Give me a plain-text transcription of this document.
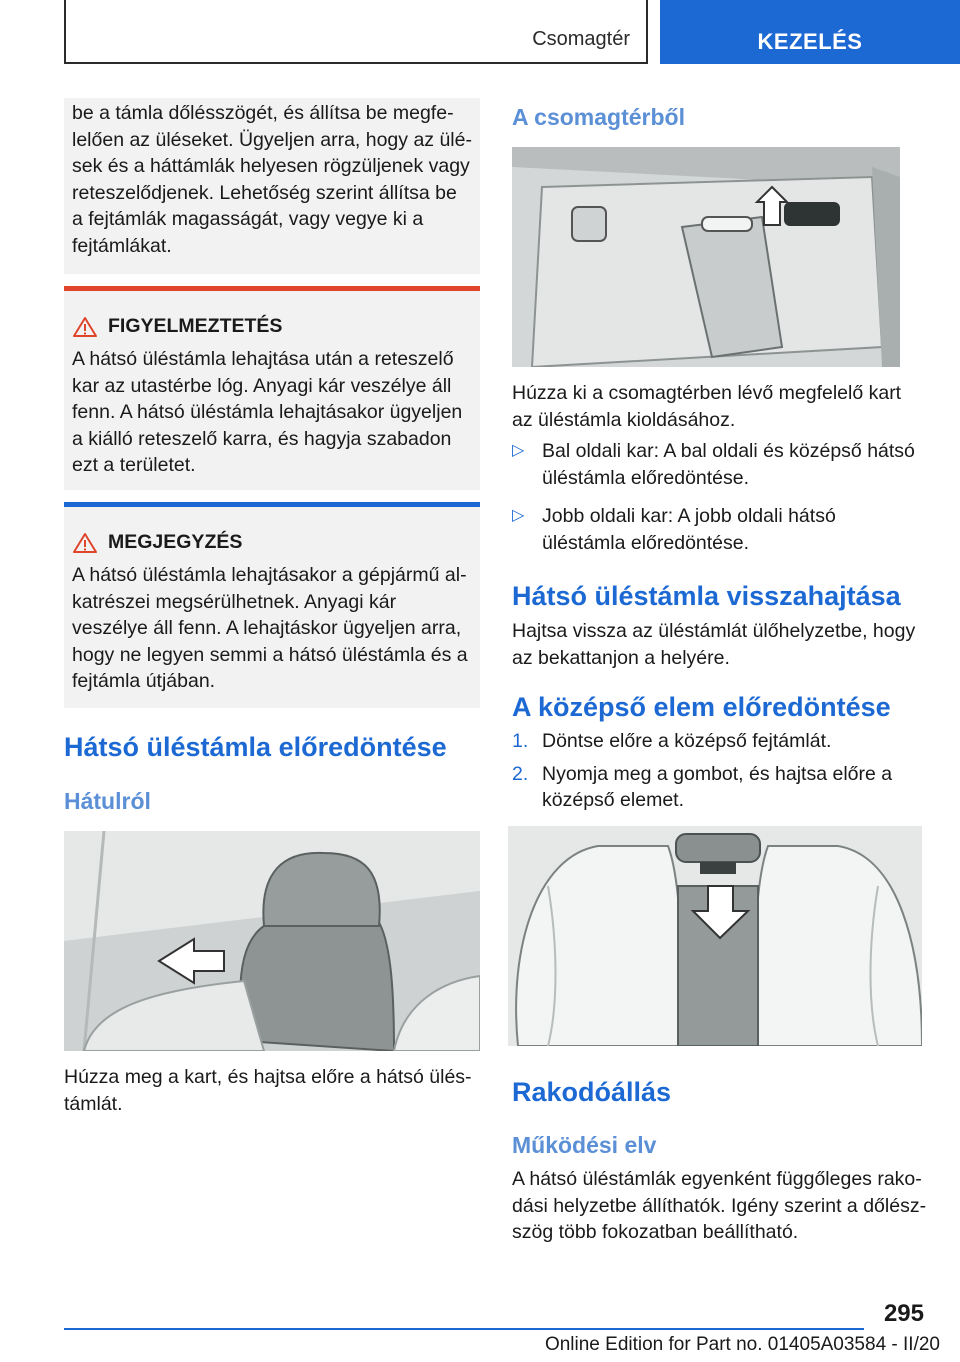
Csomagtér	KEZELÉS

be a támla dőlésszögét, és állítsa be megfelelően az üléseket. Ügyeljen arra, hogy az ülések és a háttámlák helyesen rögzüljenek vagy reteszelődjenek. Lehetőség szerint állítsa be a fejtámlák magasságát, vagy vegye ki a fejtámlákat.

FIGYELMEZTETÉS

A hátsó üléstámla lehajtása után a reteszelő kar az utastérbe lóg. Anyagi kár veszélye áll fenn. A hátsó üléstámla lehajtásakor ügyeljen a kiálló reteszelő karra, és hagyja szabadon ezt a területet.

MEGJEGYZÉS

A hátsó üléstámla lehajtásakor a gépjármű alkatrészei megsérülhetnek. Anyagi kár veszélye áll fenn. A lehajtáskor ügyeljen arra, hogy ne legyen semmi a hátsó üléstámla és a fejtámla útjában.

Hátsó üléstámla előredöntése
Hátulról

Húzza meg a kart, és hajtsa előre a hátsó üléstámlát.

A csomagtérből

Húzza ki a csomagtérben lévő megfelelő kart az üléstámla kioldásához.

▷ Bal oldali kar: A bal oldali és középső hátsó üléstámla előredöntése.
▷ Jobb oldali kar: A jobb oldali hátsó üléstámla előredöntése.
Hátsó üléstámla visszahajtása

Hajtsa vissza az üléstámlát ülőhelyzetbe, hogy az bekattanjon a helyére.

A középső elem előredöntése
1. Döntse előre a középső fejtámlát.
2. Nyomja meg a gombot, és hajtsa előre a középső elemet.
Rakodóállás
Működési elv

A hátsó üléstámlák egyenként függőleges rakodási helyzetbe állíthatók. Igény szerint a dőlészszög több fokozatban beállítható.

295
Online Edition for Part no. 01405A03584 - II/20
